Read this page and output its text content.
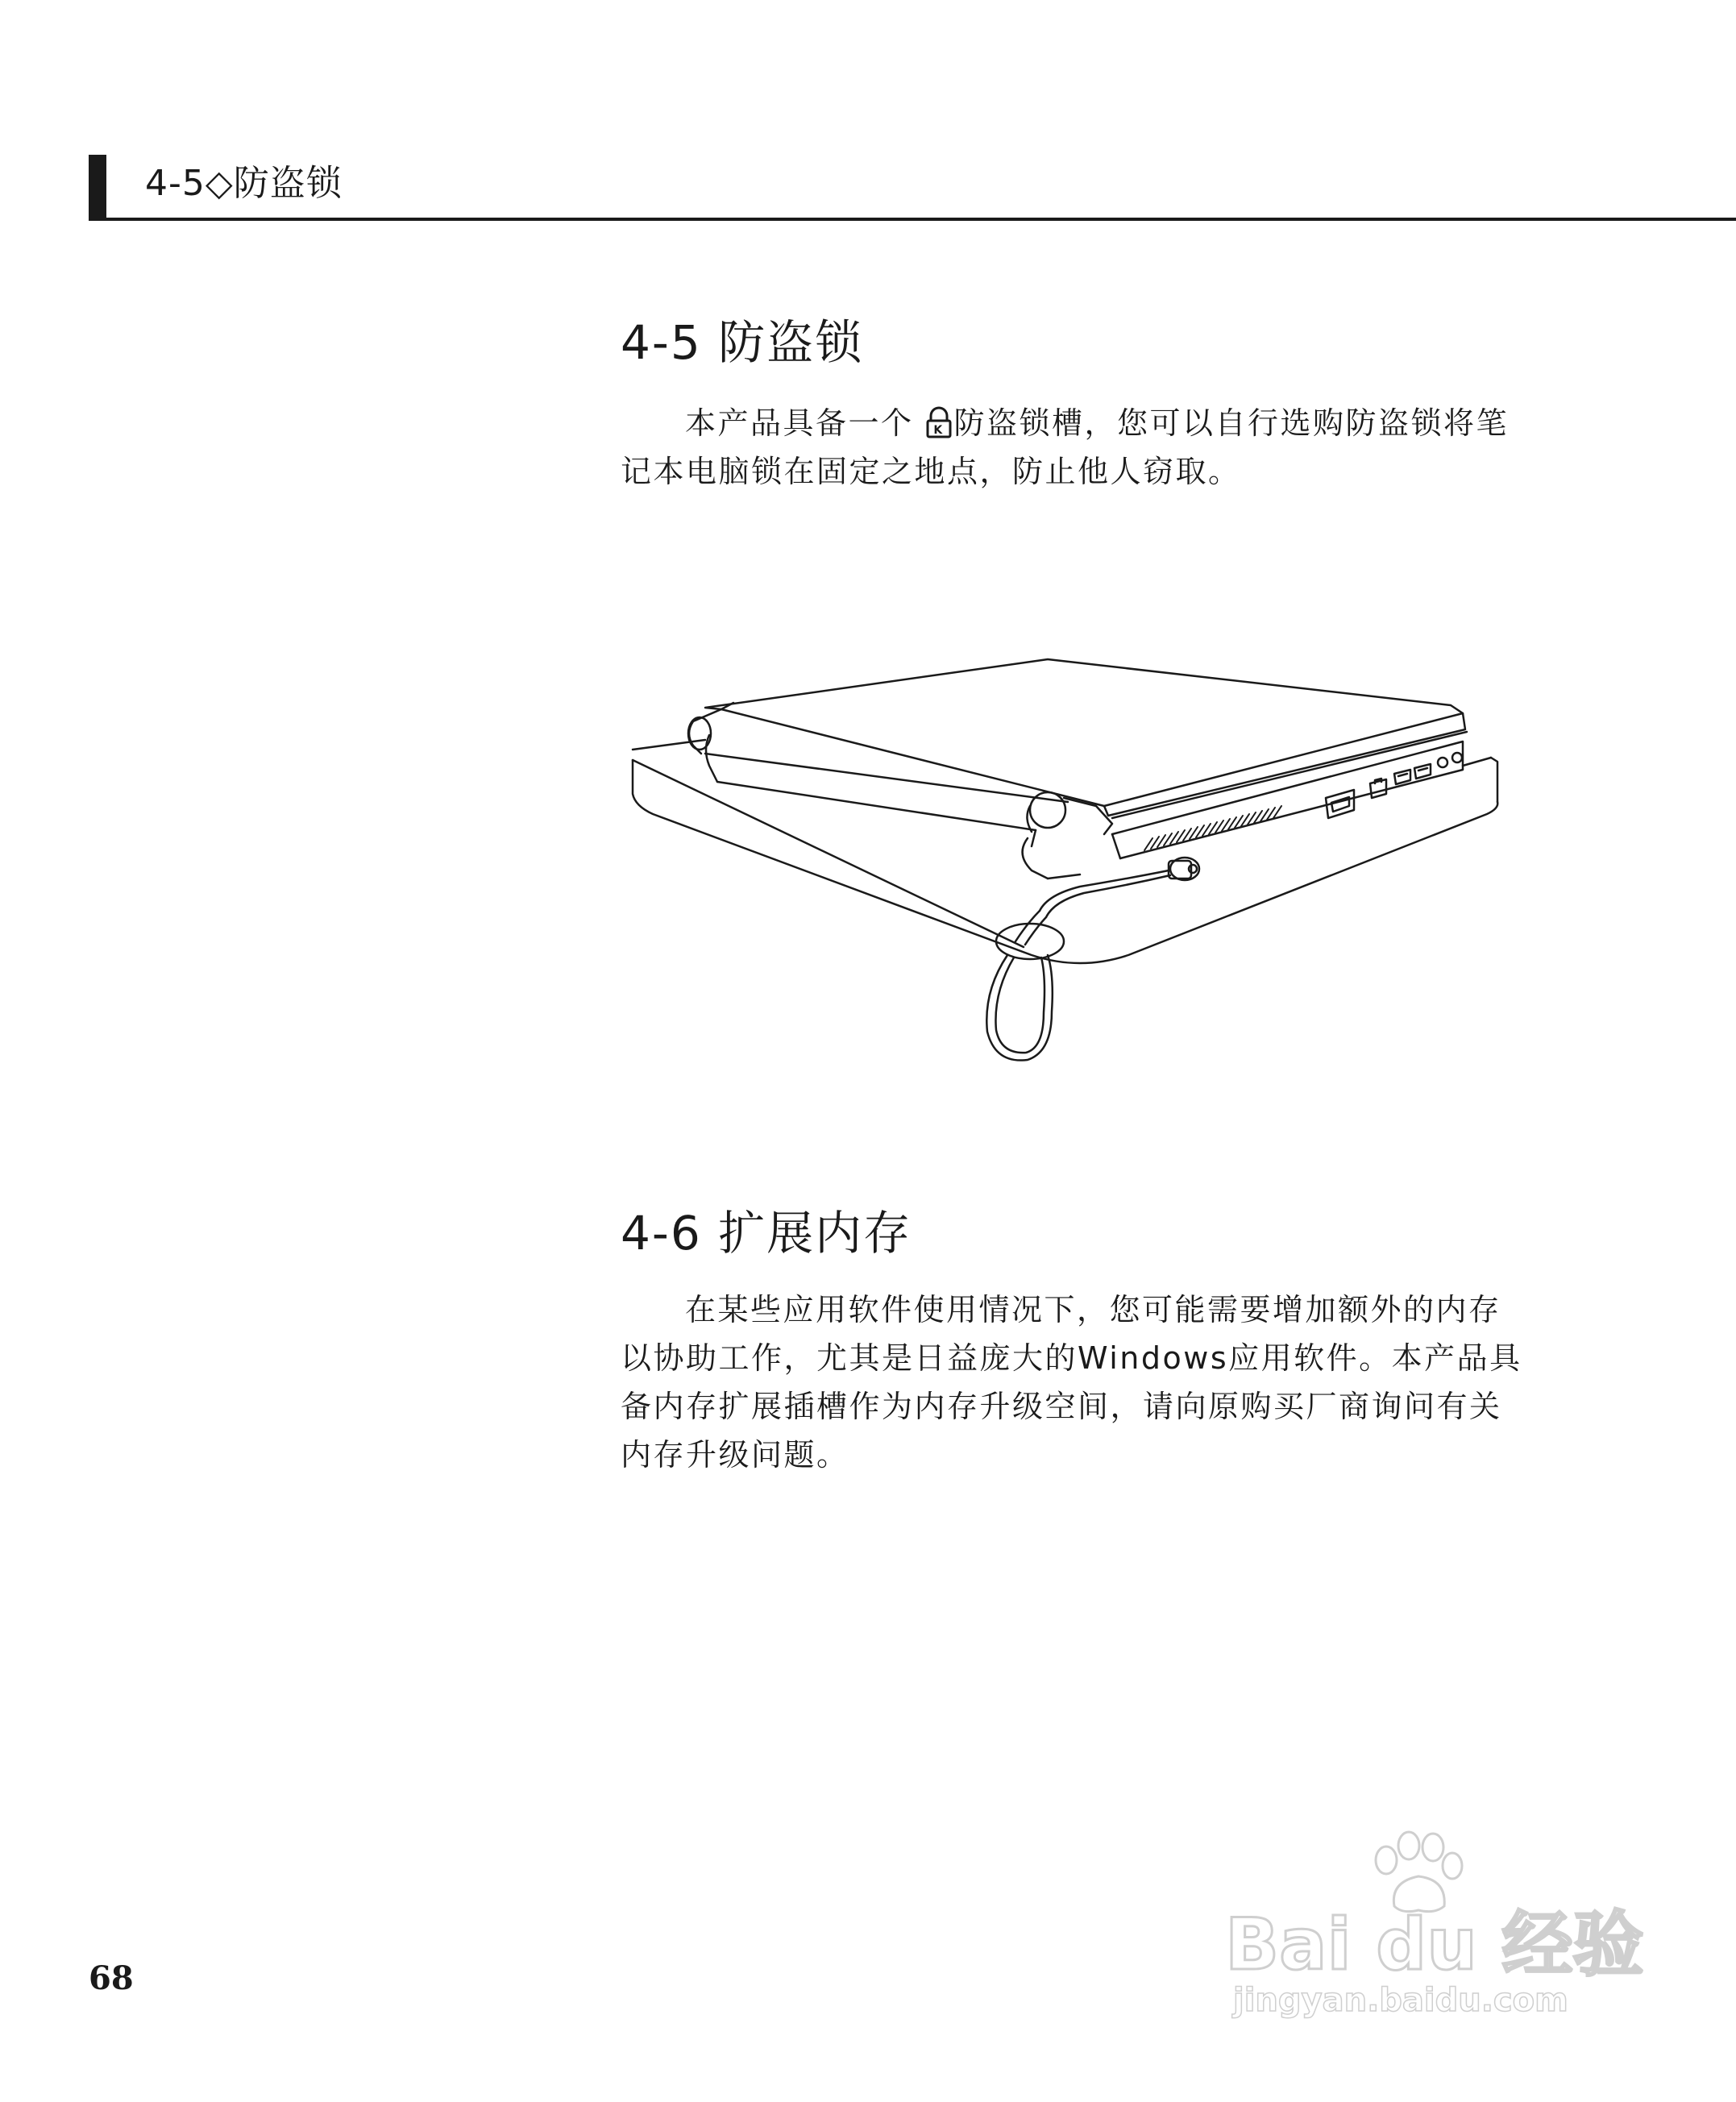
4-5◇防盗锁
4-5 防盗锁
本产品具备一个 K 防盗锁槽，您可以自行选购防盗锁将笔
记本电脑锁在固定之地点，防止他人窃取。
4-6 扩展内存
在某些应用软件使用情况下，您可能需要增加额外的内存
以协助工作，尤其是日益庞大的Windows应用软件。本产品具
备内存扩展插槽作为内存升级空间，请向原购买厂商询问有关
内存升级问题。
68	Bai du 经验
jingyan.baidu.com
